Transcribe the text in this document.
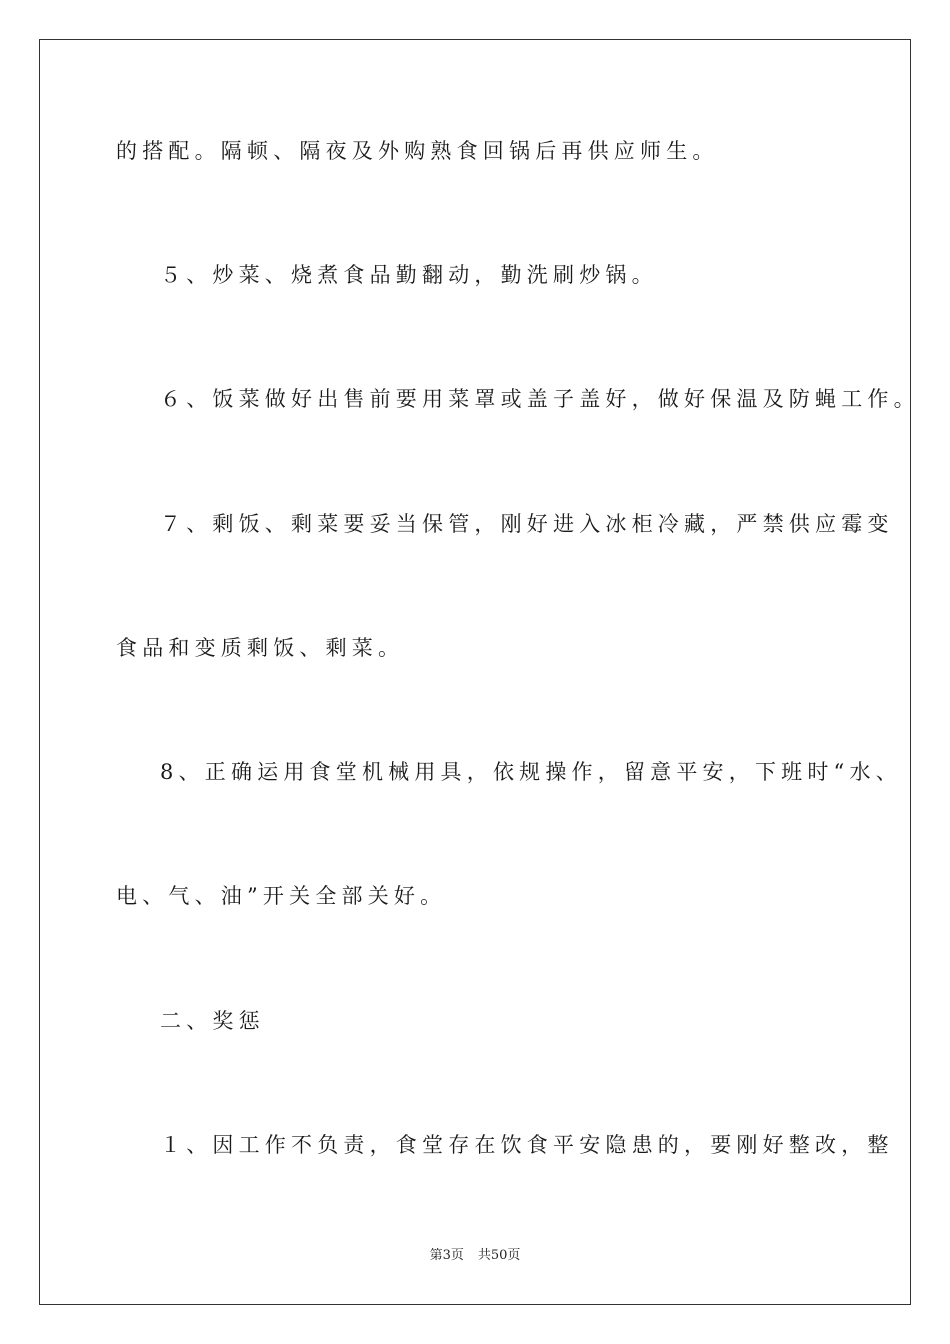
的搭配。隔顿、隔夜及外购熟食回锅后再供应师生。
５、炒菜、烧煮食品勤翻动，勤洗刷炒锅。
６、饭菜做好出售前要用菜罩或盖子盖好，做好保温及防蝇工作。
７、剩饭、剩菜要妥当保管，刚好进入冰柜冷藏，严禁供应霉变
食品和变质剩饭、剩菜。
8、正确运用食堂机械用具，依规操作，留意平安，下班时“水、
电、气、油”开关全部关好。
二、奖惩
１、因工作不负责，食堂存在饮食平安隐患的，要刚好整改，整
第3页 共50页
